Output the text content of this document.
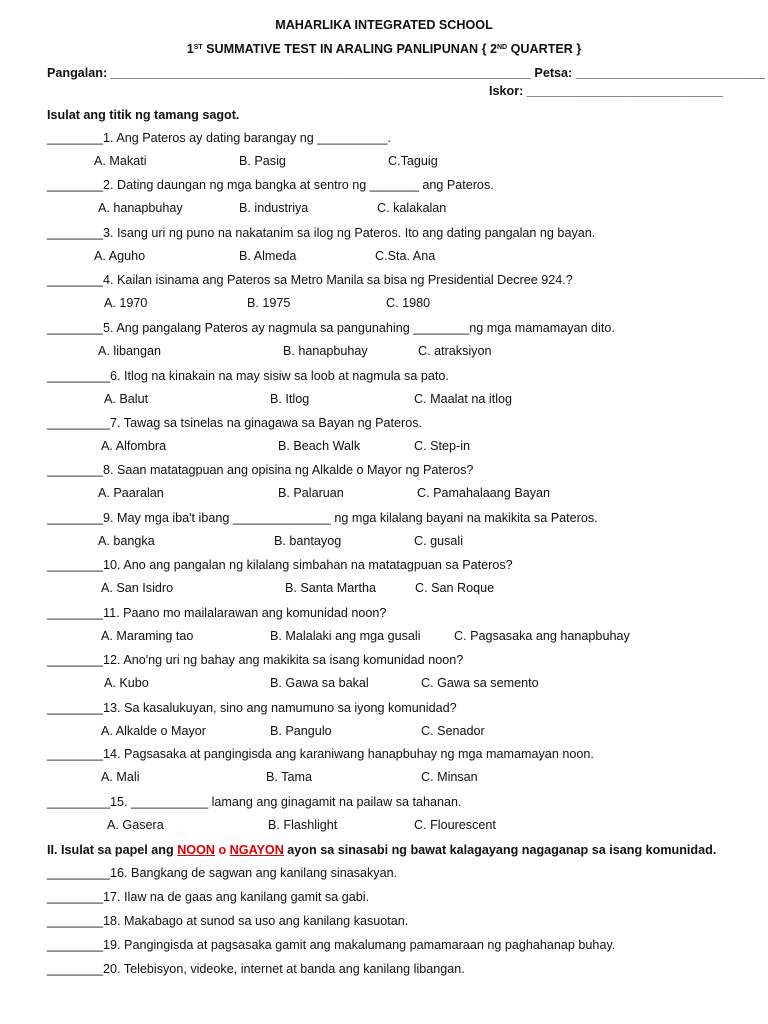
MAHARLIKA INTEGRATED SCHOOL
1ST SUMMATIVE TEST IN ARALING PANLIPUNAN { 2ND QUARTER }
Pangalan: ____________________________________________________________ Petsa: ___________________________
Iskor: ____________________________
Isulat ang titik ng tamang sagot.
________1. Ang Pateros ay dating barangay ng __________.
A. Makati	B. Pasig	C.Taguig
________2. Dating daungan ng mga bangka at sentro ng _______ ang Pateros.
A. hanapbuhay	B. industriya	C. kalakalan
________3. Isang uri ng puno na nakatanim sa ilog ng Pateros. Ito ang dating pangalan ng bayan.
A. Aguho	B. Almeda	C.Sta. Ana
________4. Kailan isinama ang Pateros sa Metro Manila sa bisa ng Presidential Decree 924.?
A. 1970	B. 1975	C. 1980
________5. Ang pangalang Pateros ay nagmula sa pangunahing ________ng mga mamamayan dito.
A. libangan	B. hanapbuhay	C. atraksiyon
_________6. Itlog na kinakain na may sisiw sa loob at nagmula sa pato.
A. Balut	B. Itlog	C. Maalat na itlog
_________7. Tawag sa tsinelas na ginagawa sa Bayan ng Pateros.
A. Alfombra	B. Beach Walk	C. Step-in
________8. Saan matatagpuan ang opisina ng Alkalde o Mayor ng Pateros?
A. Paaralan	B. Palaruan	C. Pamahalaang Bayan
________9. May mga iba't ibang ______________ ng mga kilalang bayani na makikita sa Pateros.
A. bangka	B. bantayog	C. gusali
________10. Ano ang pangalan ng kilalang simbahan na matatagpuan sa Pateros?
A. San Isidro	B. Santa Martha	C. San Roque
________11. Paano mo mailalarawan ang komunidad noon?
A. Maraming tao	B. Malalaki ang mga gusali	C. Pagsasaka ang hanapbuhay
________12. Ano'ng uri ng bahay ang makikita sa isang komunidad noon?
A. Kubo	B. Gawa sa bakal	C. Gawa sa semento
________13. Sa kasalukuyan, sino ang namumuno sa iyong komunidad?
A. Alkalde o Mayor	B. Pangulo	C. Senador
________14. Pagsasaka at pangingisda ang karaniwang hanapbuhay ng mga mamamayan noon.
A. Mali	B. Tama	C. Minsan
_________15. ___________ lamang ang ginagamit na pailaw sa tahanan.
A. Gasera	B. Flashlight	C. Flourescent
II. Isulat sa papel ang NOON o NGAYON ayon sa sinasabi ng bawat kalagayang nagaganap sa isang komunidad.
_________16. Bangkang de sagwan ang kanilang sinasakyan.
________17. Ilaw na de gaas ang kanilang gamit sa gabi.
________18. Makabago at sunod sa uso ang kanilang kasuotan.
________19. Pangingisda at pagsasaka gamit ang makalumang pamamaraan ng paghahanap buhay.
________20. Telebisyon, videoke, internet at banda ang kanilang libangan.
